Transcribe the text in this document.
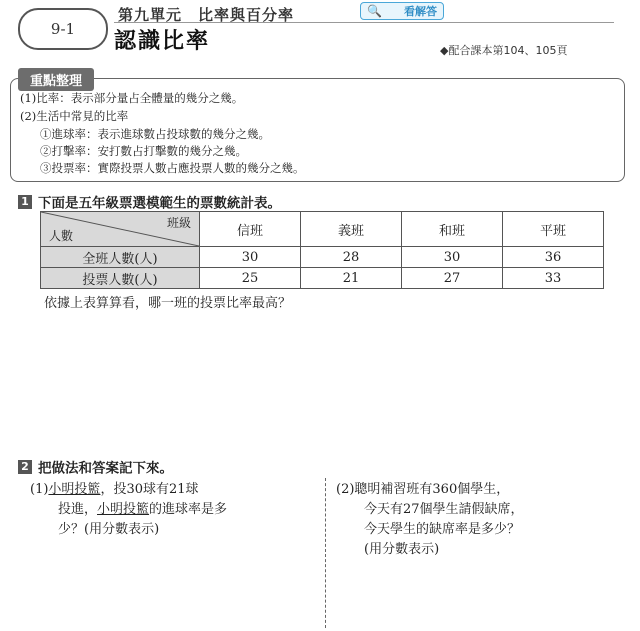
9-1
第九單元　比率與百分率	🔍 看解答
認識比率	◆配合課本第104、105頁
重點整理
(1)比率：表示部分量占全體量的幾分之幾。
(2)生活中常見的比率
①進球率：表示進球數占投球數的幾分之幾。
②打擊率：安打數占打擊數的幾分之幾。
③投票率：實際投票人數占應投票人數的幾分之幾。
1 下面是五年級票選模範生的票數統計表。
班級
人數	信班	義班	和班	平班
全班人數(人)	30	28	30	36
投票人數(人)	25	21	27	33
依據上表算算看，哪一班的投票比率最高？
2 把做法和答案記下來。
(1)小明投籃，投30球有21球
投進，小明投籃的進球率是多
少？(用分數表示)
(2)聰明補習班有360個學生，
今天有27個學生請假缺席，
今天學生的缺席率是多少？
(用分數表示)
